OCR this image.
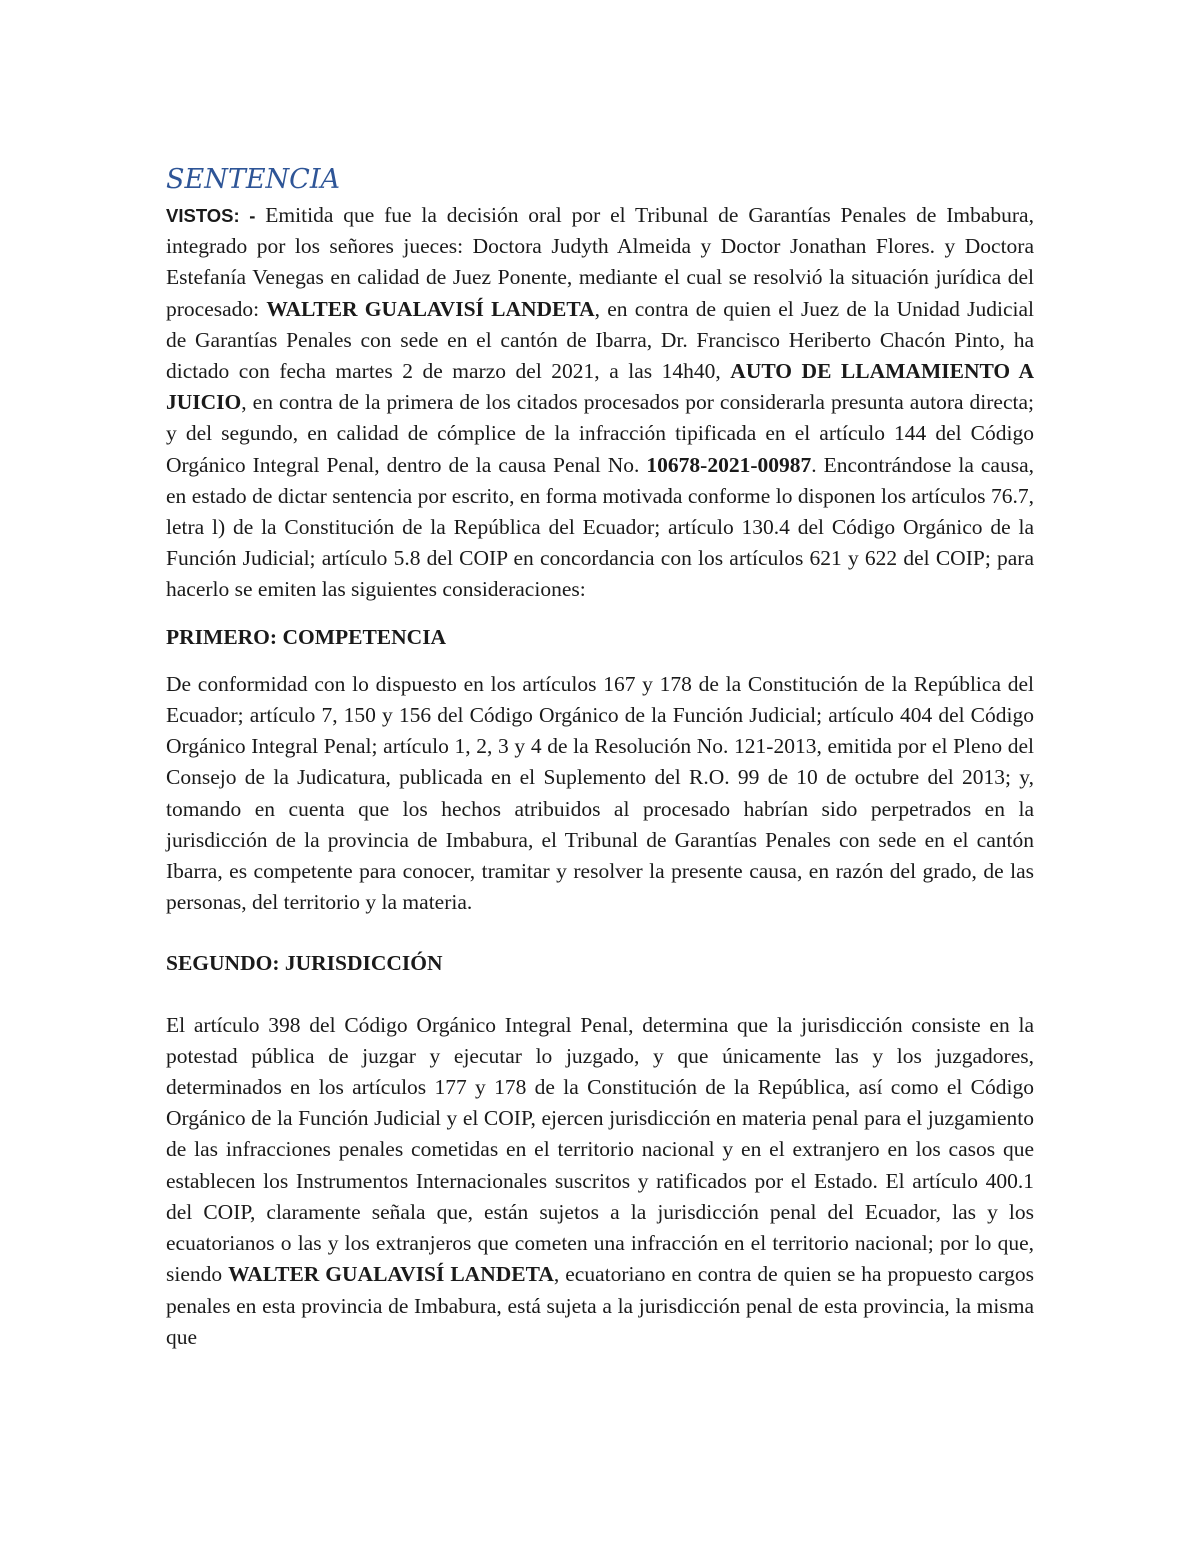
SENTENCIA

VISTOS: - Emitida que fue la decisión oral por el Tribunal de Garantías Penales de Imbabura, integrado por los señores jueces: Doctora Judyth Almeida y Doctor Jonathan Flores. y Doctora Estefanía Venegas en calidad de Juez Ponente, mediante el cual se resolvió la situación jurídica del procesado: WALTER GUALAVISÍ LANDETA, en contra de quien el Juez de la Unidad Judicial de Garantías Penales con sede en el cantón de Ibarra, Dr. Francisco Heriberto Chacón Pinto, ha dictado con fecha martes 2 de marzo del 2021, a las 14h40, AUTO DE LLAMAMIENTO A JUICIO, en contra de la primera de los citados procesados por considerarla presunta autora directa; y del segundo, en calidad de cómplice de la infracción tipificada en el artículo 144 del Código Orgánico Integral Penal, dentro de la causa Penal No. 10678-2021-00987. Encontrándose la causa, en estado de dictar sentencia por escrito, en forma motivada conforme lo disponen los artículos 76.7, letra l) de la Constitución de la República del Ecuador; artículo 130.4 del Código Orgánico de la Función Judicial; artículo 5.8 del COIP en concordancia con los artículos 621 y 622 del COIP; para hacerlo se emiten las siguientes consideraciones:

PRIMERO: COMPETENCIA

De conformidad con lo dispuesto en los artículos 167 y 178 de la Constitución de la República del Ecuador; artículo 7, 150 y 156 del Código Orgánico de la Función Judicial; artículo 404 del Código Orgánico Integral Penal; artículo 1, 2, 3 y 4 de la Resolución No. 121-2013, emitida por el Pleno del Consejo de la Judicatura, publicada en el Suplemento del R.O. 99 de 10 de octubre del 2013; y, tomando en cuenta que los hechos atribuidos al procesado habrían sido perpetrados en la jurisdicción de la provincia de Imbabura, el Tribunal de Garantías Penales con sede en el cantón Ibarra, es competente para conocer, tramitar y resolver la presente causa, en razón del grado, de las personas, del territorio y la materia.

SEGUNDO: JURISDICCIÓN

El artículo 398 del Código Orgánico Integral Penal, determina que la jurisdicción consiste en la potestad pública de juzgar y ejecutar lo juzgado, y que únicamente las y los juzgadores, determinados en los artículos 177 y 178 de la Constitución de la República, así como el Código Orgánico de la Función Judicial y el COIP, ejercen jurisdicción en materia penal para el juzgamiento de las infracciones penales cometidas en el territorio nacional y en el extranjero en los casos que establecen los Instrumentos Internacionales suscritos y ratificados por el Estado. El artículo 400.1 del COIP, claramente señala que, están sujetos a la jurisdicción penal del Ecuador, las y los ecuatorianos o las y los extranjeros que cometen una infracción en el territorio nacional; por lo que, siendo WALTER GUALAVISÍ LANDETA, ecuatoriano en contra de quien se ha propuesto cargos penales en esta provincia de Imbabura, está sujeta a la jurisdicción penal de esta provincia, la misma que
